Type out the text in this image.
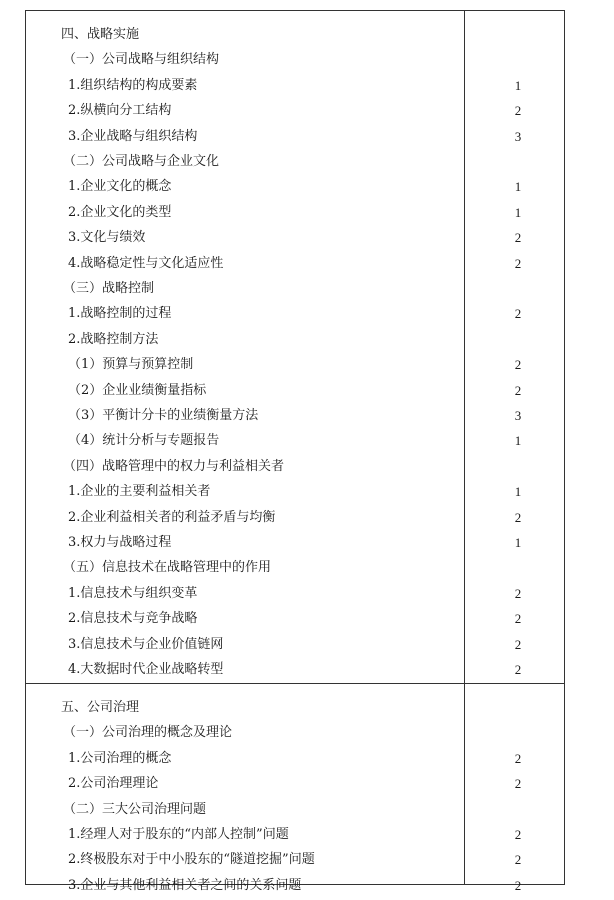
四、战略实施
（一）公司战略与组织结构
1.组织结构的构成要素	1
2.纵横向分工结构	2
3.企业战略与组织结构	3
（二）公司战略与企业文化
1.企业文化的概念	1
2.企业文化的类型	1
3.文化与绩效	2
4.战略稳定性与文化适应性	2
（三）战略控制
1.战略控制的过程	2
2.战略控制方法
（1）预算与预算控制	2
（2）企业业绩衡量指标	2
（3）平衡计分卡的业绩衡量方法	3
（4）统计分析与专题报告	1
（四）战略管理中的权力与利益相关者
1.企业的主要利益相关者	1
2.企业利益相关者的利益矛盾与均衡	2
3.权力与战略过程	1
（五）信息技术在战略管理中的作用
1.信息技术与组织变革	2
2.信息技术与竞争战略	2
3.信息技术与企业价值链网	2
4.大数据时代企业战略转型	2
五、公司治理
（一）公司治理的概念及理论
1.公司治理的概念	2
2.公司治理理论	2
（二）三大公司治理问题
1.经理人对于股东的“内部人控制”问题	2
2.终极股东对于中小股东的“隧道挖掘”问题	2
3.企业与其他利益相关者之间的关系问题	2
